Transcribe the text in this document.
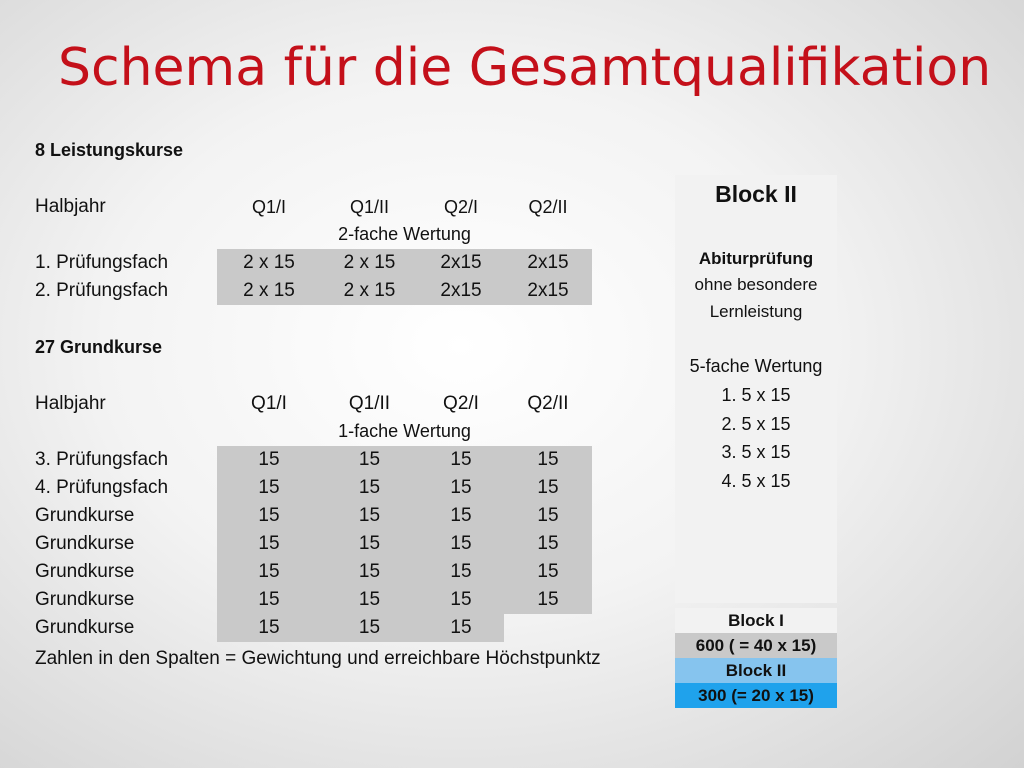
Schema für die Gesamtqualifikation
8 Leistungskurse
Halbjahr	Q1/I	Q1/II	Q2/I	Q2/II
2-fache Wertung
1. Prüfungsfach	2 x 15	2 x 15	2x15	2x15
2. Prüfungsfach	2 x 15	2 x 15	2x15	2x15
27 Grundkurse
Halbjahr	Q1/I	Q1/II	Q2/I	Q2/II
1-fache Wertung
3. Prüfungsfach	15	15	15	15
4. Prüfungsfach	15	15	15	15
Grundkurse	15	15	15	15
Grundkurse	15	15	15	15
Grundkurse	15	15	15	15
Grundkurse	15	15	15	15
Grundkurse	15	15	15
Zahlen in den Spalten = Gewichtung und erreichbare Höchstpunktz
Block II
Abiturprüfung
ohne besondere
Lernleistung
5-fache Wertung
1. 5 x 15
2. 5 x 15
3. 5 x 15
4. 5 x 15
Block I
600 ( = 40 x 15)
Block II
300 (= 20 x 15)
